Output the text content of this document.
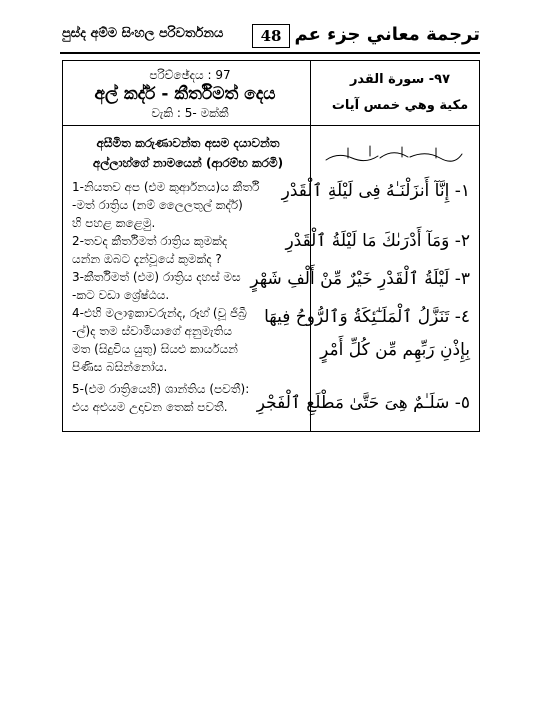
පුස්ද අම්ම සිංහල පරිවර්තනය	48 ترجمة معاني جزء عم
පරිච්ඡේදය : 97
අල් කද්ර් - කීර්තිමත් දෙය
වැකි : 5- මක්කී
٩٧- سورة القدر
مكية وهي خمس آيات
අසීමිත කරුණාවන්ත අසම දයාවන්ත
අල්ලාහ්ගේ නාමයෙන් (ආරම්භ කරමි)
1-නියතව අප (එම කුර්ආනය)ය කීර්ති
-මත් රාත්‍රිය (නම් ලෛලතුල් කද්ර්)
හි පහළ කළෙමු.
2-තවද කීර්තිමත් රාත්‍රිය කුමක්ද
යන්න ඔබට දැන්වූයේ කුමක්ද ?
3-කීර්තිමත් (එම) රාත්‍රිය දහස් මස
-කට වඩා ශ්‍රේෂ්ඨය.
4-එහි මලාඉකාවරුන්ද, රූහ් (වූ ජිබ්‍රී
-ල්)ද තම ස්වාමියාගේ අනුමැතිය
මත (සිදුවිය යුතු) සියළු කාර්යයන්
පිණිස බසින්නෝය.
5-(එම රාත්‍රියෙහි) ශාන්තිය (පවතී):
එය අළුයම උදාවන තෙක් පවතී.
١- إِنَّآ أَنزَلْنَـٰهُ فِى لَيْلَةِ ٱلْقَدْرِ
٢- وَمَآ أَدْرَىٰكَ مَا لَيْلَةُ ٱلْقَدْرِ
٣- لَيْلَةُ ٱلْقَدْرِ خَيْرٌ مِّنْ أَلْفِ شَهْرٍ
٤- تَنَزَّلُ ٱلْمَلَـٰٓئِكَةُ وَٱلرُّوحُ فِيهَا
بِإِذْنِ رَبِّهِم مِّن كُلِّ أَمْرٍ
٥- سَلَـٰمٌ هِىَ حَتَّىٰ مَطْلَعِ ٱلْفَجْرِ
